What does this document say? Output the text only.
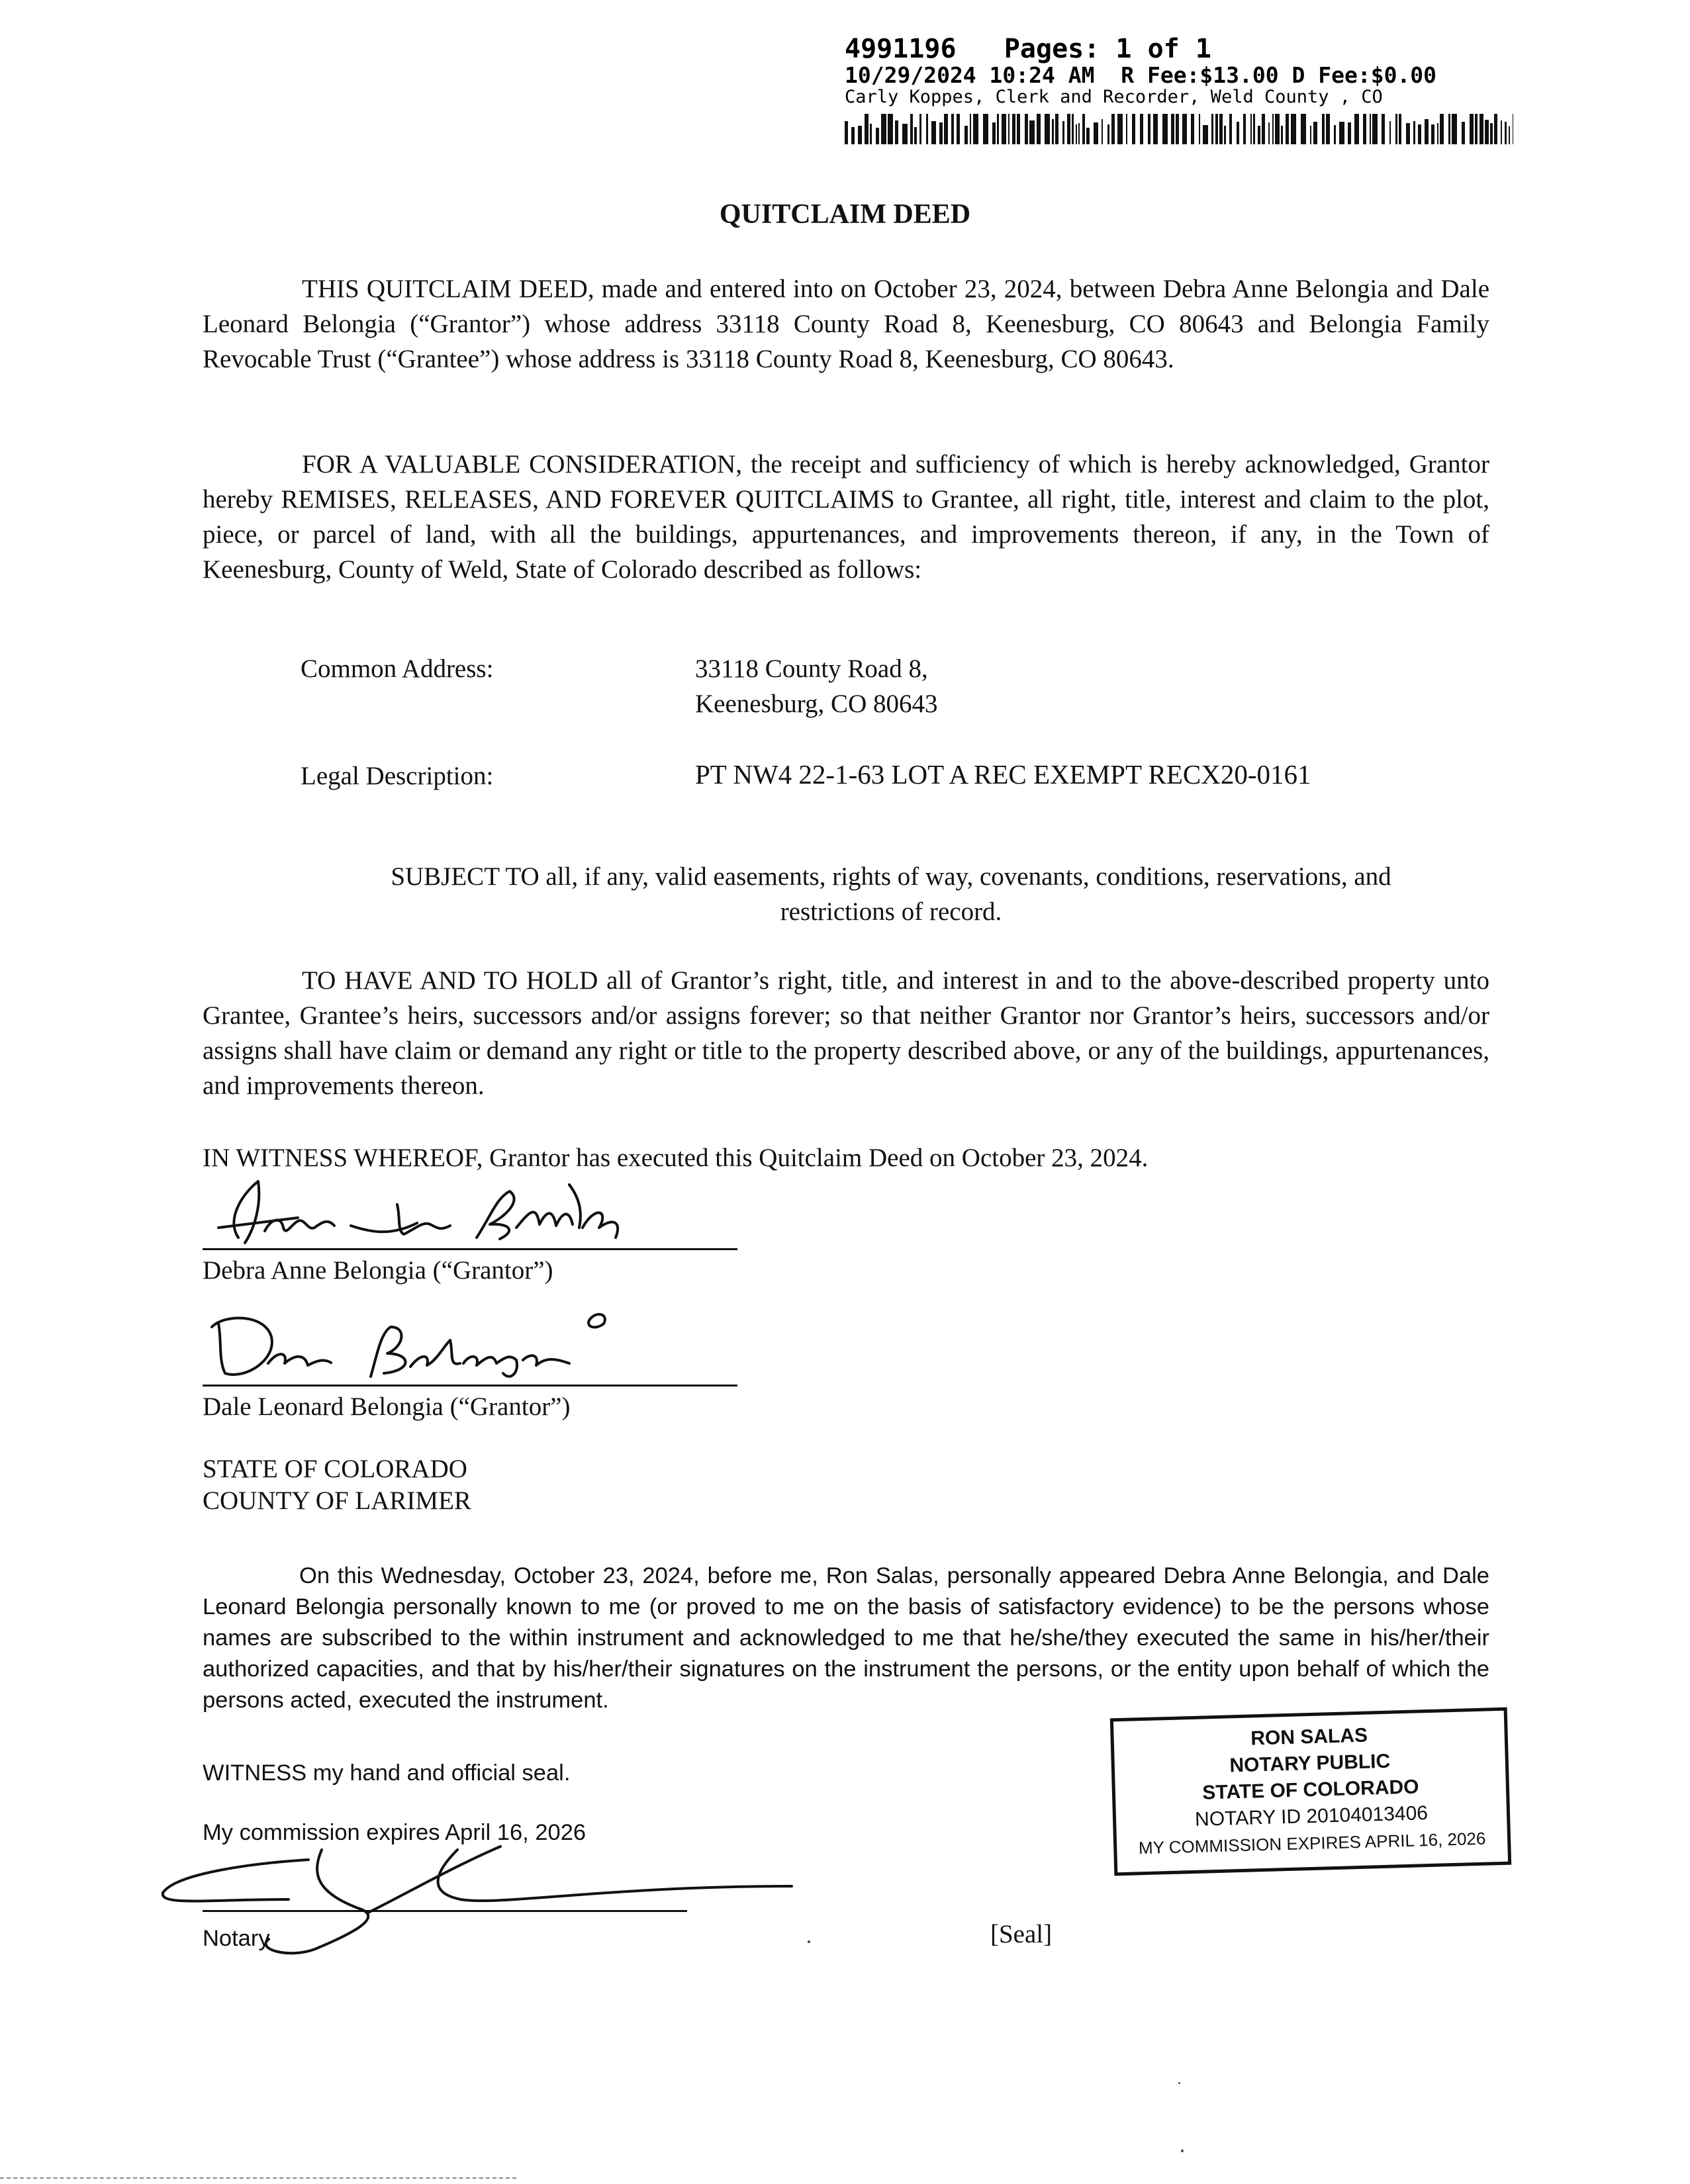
4991196 Pages: 1 of 1
10/29/2024 10:24 AM  R Fee:$13.00 D Fee:$0.00
Carly Koppes, Clerk and Recorder, Weld County , CO
QUITCLAIM DEED
THIS QUITCLAIM DEED, made and entered into on October 23, 2024, between Debra Anne Belongia and Dale Leonard Belongia (“Grantor”) whose address 33118 County Road 8, Keenesburg, CO 80643 and Belongia Family Revocable Trust (“Grantee”) whose address is 33118 County Road 8, Keenesburg, CO 80643.
FOR A VALUABLE CONSIDERATION, the receipt and sufficiency of which is hereby acknowledged, Grantor hereby REMISES, RELEASES, AND FOREVER QUITCLAIMS to Grantee, all right, title, interest and claim to the plot, piece, or parcel of land, with all the buildings, appurtenances, and improvements thereon, if any, in the Town of Keenesburg, County of Weld, State of Colorado described as follows:
Common Address:	33118 County Road 8,
Keenesburg, CO 80643
Legal Description:	PT NW4 22-1-63 LOT A REC EXEMPT RECX20-0161
SUBJECT TO all, if any, valid easements, rights of way, covenants, conditions, reservations, and
restrictions of record.
TO HAVE AND TO HOLD all of Grantor’s right, title, and interest in and to the above-described property unto Grantee, Grantee’s heirs, successors and/or assigns forever; so that neither Grantor nor Grantor’s heirs, successors and/or assigns shall have claim or demand any right or title to the property described above, or any of the buildings, appurtenances, and improvements thereon.
IN WITNESS WHEREOF, Grantor has executed this Quitclaim Deed on October 23, 2024.
Debra Anne Belongia (“Grantor”)
Dale Leonard Belongia (“Grantor”)
STATE OF COLORADO
COUNTY OF LARIMER
On this Wednesday, October 23, 2024, before me, Ron Salas, personally appeared Debra Anne Belongia, and Dale Leonard Belongia personally known to me (or proved to me on the basis of satisfactory evidence) to be the persons whose names are subscribed to the within instrument and acknowledged to me that he/she/they executed the same in his/her/their authorized capacities, and that by his/her/their signatures on the instrument the persons, or the entity upon behalf of which the persons acted, executed the instrument.
WITNESS my hand and official seal.
My commission expires April 16, 2026
Notary	[Seal]
RON SALAS
NOTARY PUBLIC
STATE OF COLORADO
NOTARY ID 20104013406
MY COMMISSION EXPIRES APRIL 16, 2026
